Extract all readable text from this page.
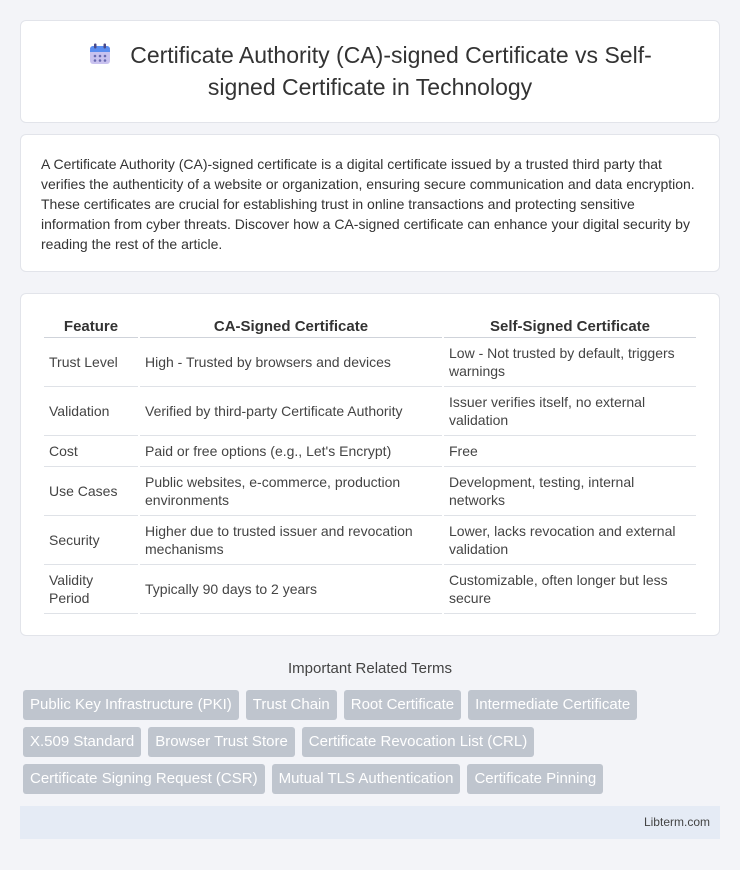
Certificate Authority (CA)-signed Certificate vs Self-signed Certificate in Technology

A Certificate Authority (CA)-signed certificate is a digital certificate issued by a trusted third party that verifies the authenticity of a website or organization, ensuring secure communication and data encryption. These certificates are crucial for establishing trust in online transactions and protecting sensitive information from cyber threats. Discover how a CA-signed certificate can enhance your digital security by reading the rest of the article.

Feature	CA-Signed Certificate	Self-Signed Certificate
Trust Level	High - Trusted by browsers and devices	Low - Not trusted by default, triggers warnings
Validation	Verified by third-party Certificate Authority	Issuer verifies itself, no external validation
Cost	Paid or free options (e.g., Let's Encrypt)	Free
Use Cases	Public websites, e-commerce, production environments	Development, testing, internal networks
Security	Higher due to trusted issuer and revocation mechanisms	Lower, lacks revocation and external validation
Validity Period	Typically 90 days to 2 years	Customizable, often longer but less secure
Important Related Terms
Public Key Infrastructure (PKI)	Trust Chain	Root Certificate	Intermediate Certificate
X.509 Standard	Browser Trust Store	Certificate Revocation List (CRL)
Certificate Signing Request (CSR)	Mutual TLS Authentication	Certificate Pinning
Libterm.com
